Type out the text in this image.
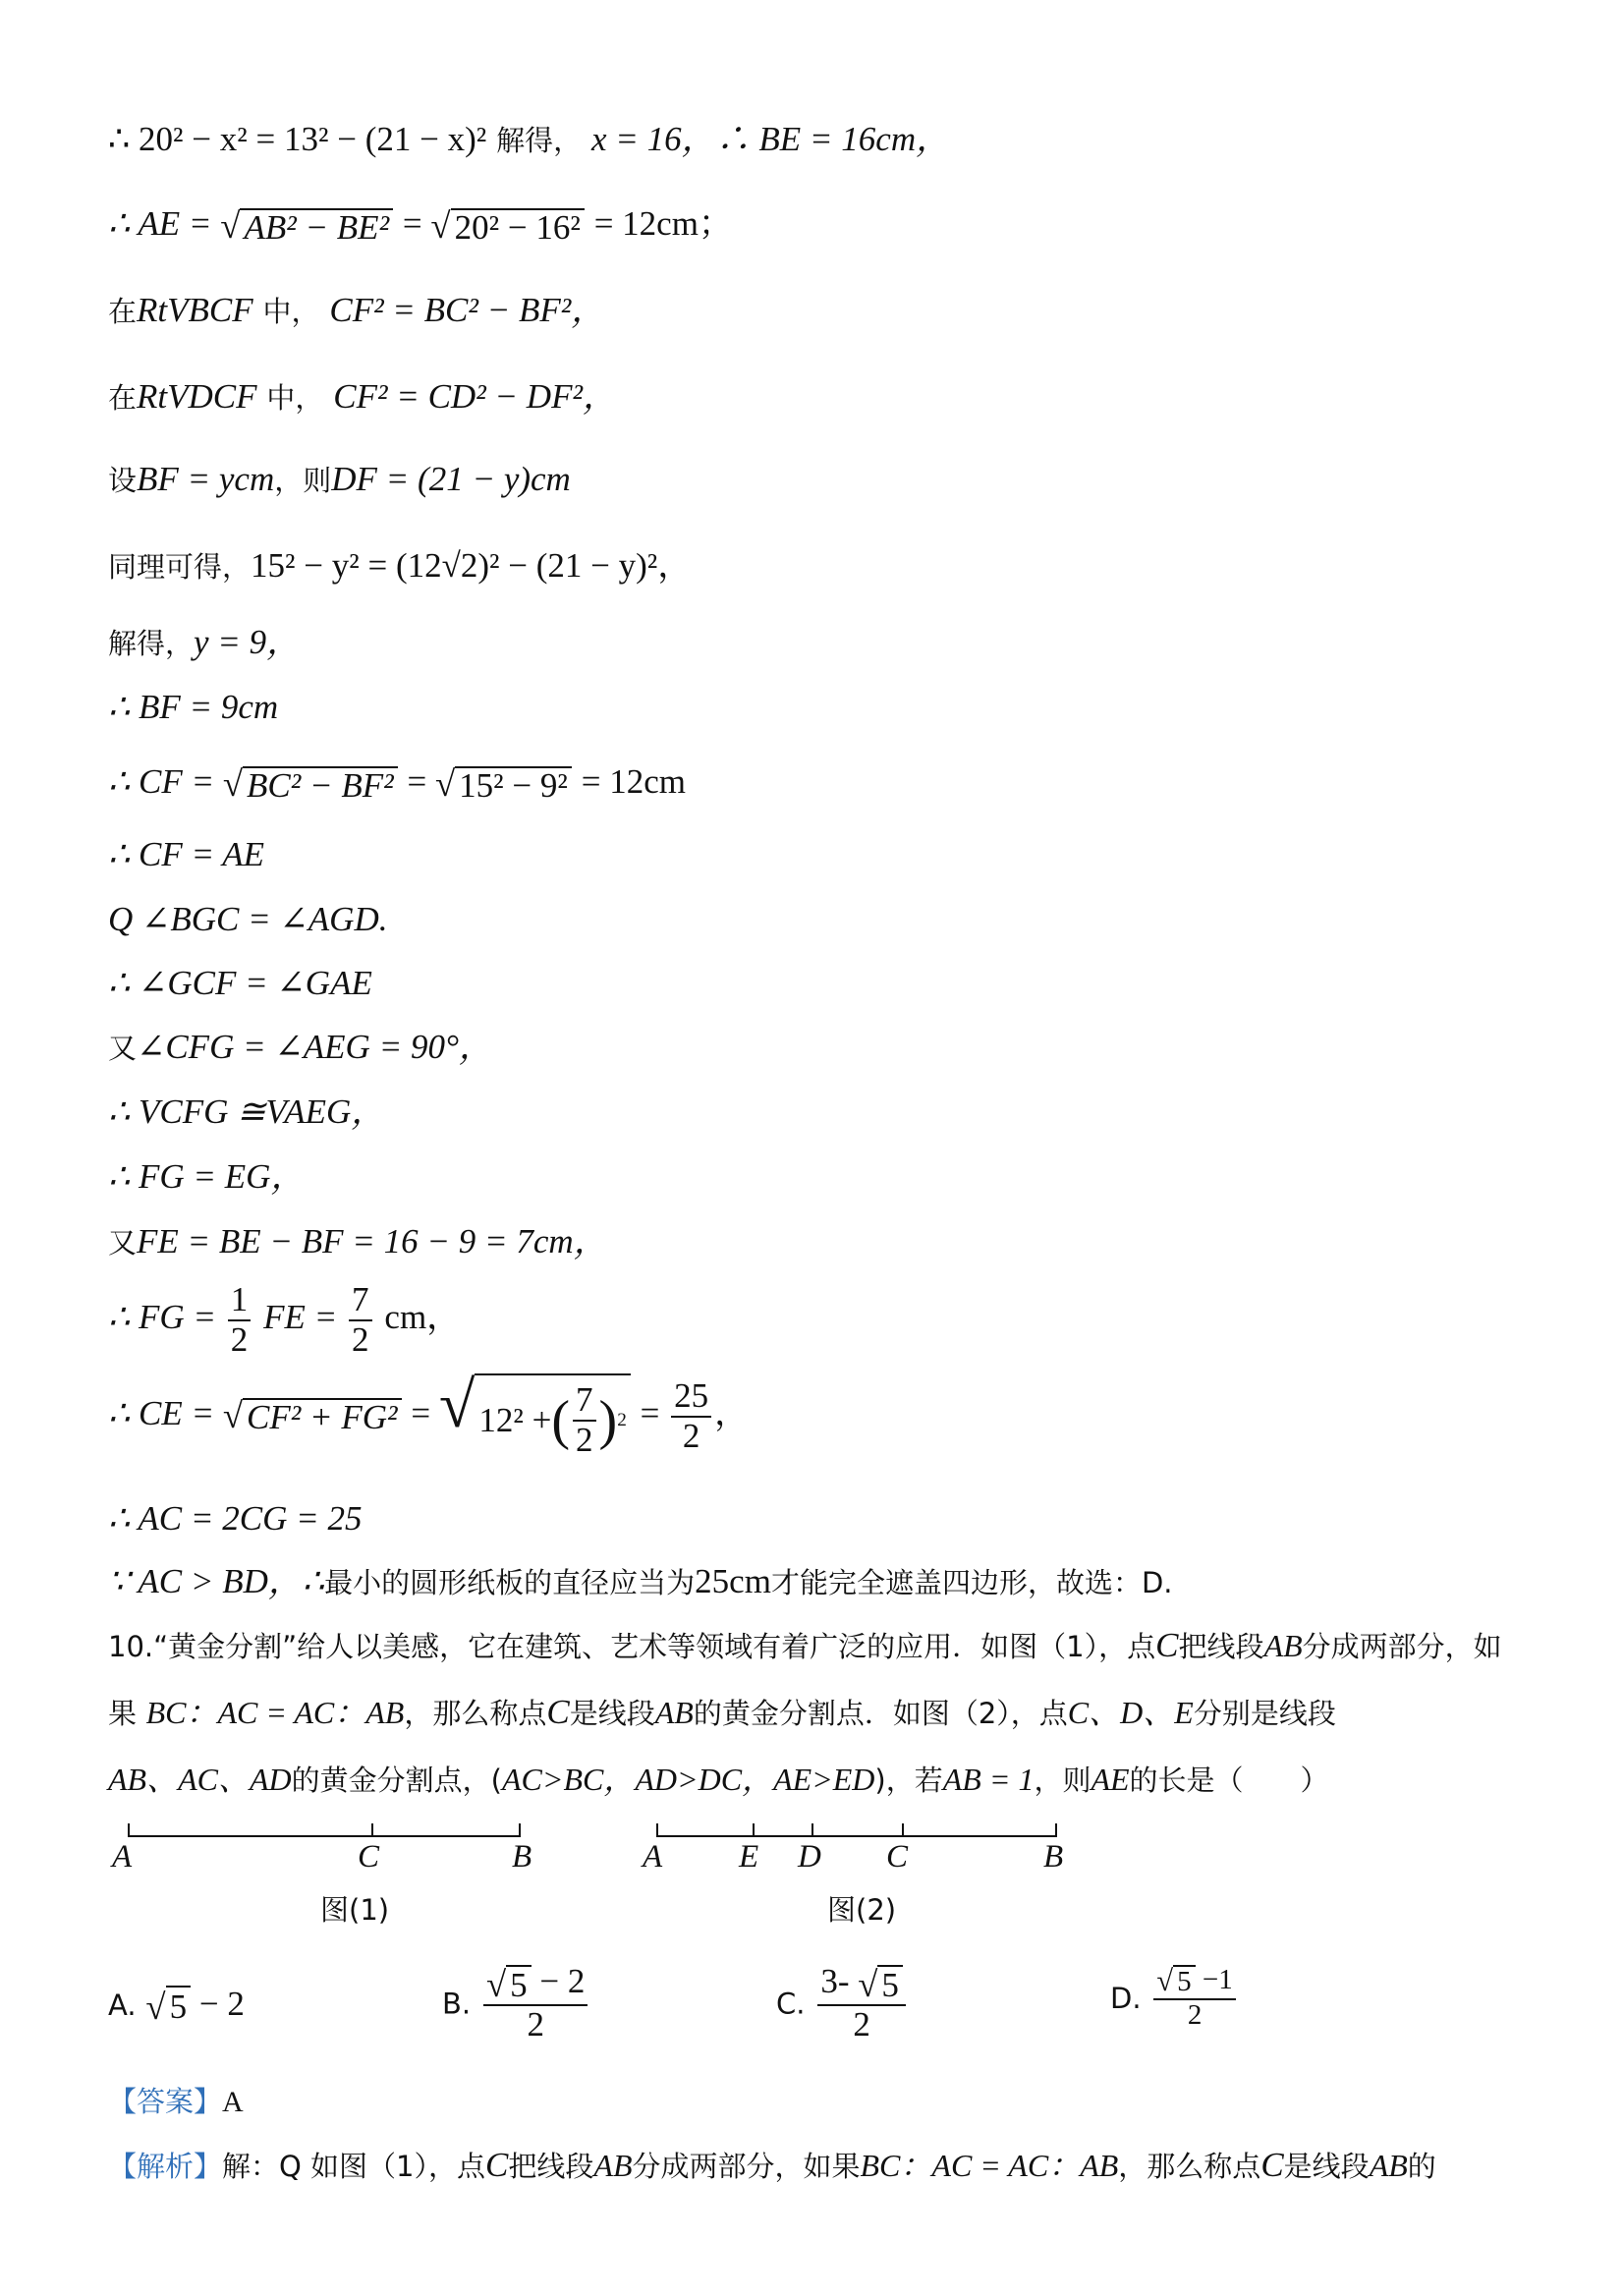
∴ 20² − x² = 13² − (21 − x)² 解得， x = 16，∴ BE = 16cm，
∴ AE = √ AB² − BE² = √ 20² − 16² = 12cm；
在RtVBCF 中， CF² = BC² − BF²，
在RtVDCF 中， CF² = CD² − DF²，
设BF = ycm，则DF = (21 − y)cm
同理可得，15² − y² = (12√2)² − (21 − y)²，
解得，y = 9，
∴ BF = 9cm
∴ CF = √ BC² − BF² = √ 15² − 9² = 12cm
∴ CF = AE
Q ∠BGC = ∠AGD.
∴ ∠GCF = ∠GAE
又∠CFG = ∠AEG = 90°，
∴ VCFG ≅VAEG，
∴ FG = EG，
又FE = BE − BF = 16 − 9 = 7cm，
∴ FG = $\frac{1}{2}$ FE = $\frac{7}{2}$ cm，
∴ CE = √ CF² + FG² = √ 12² + ( $\frac{7}{2}$ ) $2 = \frac{25}{2}$ ，
∴ AC = 2CG = 25
∵ AC > BD，∴最小的圆形纸板的直径应当为25cm才能完全遮盖四边形，故选：D.
10.“黄金分割”给人以美感，它在建筑、艺术等领域有着广泛的应用．如图（1），点C把线段AB分成两部分，如
果 BC：AC = AC：AB，那么称点C是线段AB的黄金分割点．如图（2），点C、D、E分别是线段
AB、AC、AD的黄金分割点，(AC>BC，AD>DC，AE>ED)，若AB = 1，则AE的长是（　　）
A	C	B
图(1)
A E D C	B
图(2)
A. √ 5 − 2	B. $\frac{√ 5 - 2}{2}$	C. $\frac{3- √ 5}{2}$	D. $\frac{√ 5 -1}{2}$
【答案】A
【解析】解：Q 如图（1），点C把线段AB分成两部分，如果BC：AC = AC：AB，那么称点C是线段AB的
